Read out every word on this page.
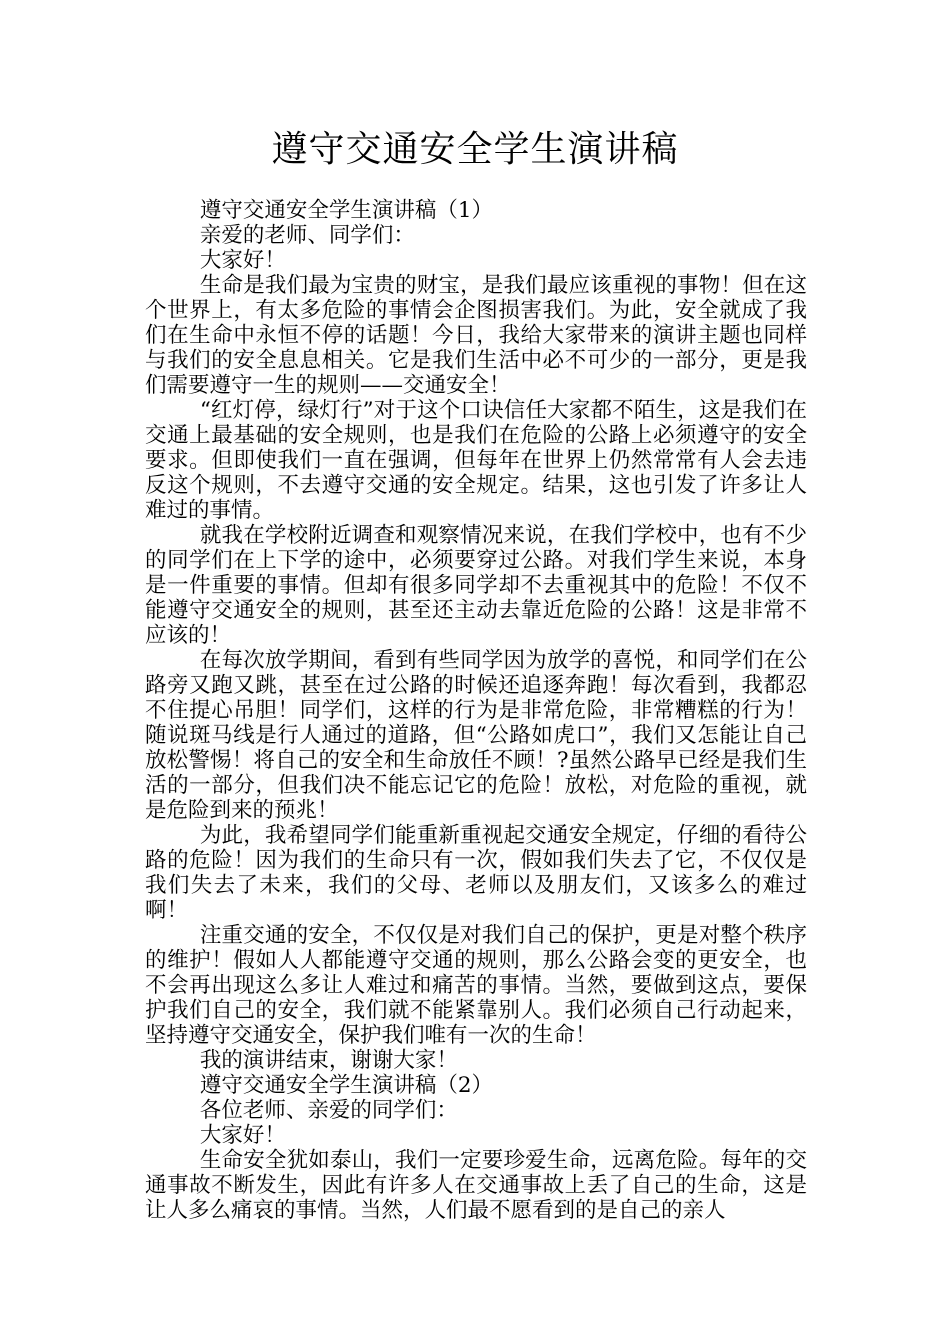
遵守交通安全学生演讲稿

遵守交通安全学生演讲稿（1）

亲爱的老师、同学们：

大家好！

生命是我们最为宝贵的财宝，是我们最应该重视的事物！但在这个世界上，有太多危险的事情会企图损害我们。为此，安全就成了我们在生命中永恒不停的话题！今日，我给大家带来的演讲主题也同样与我们的安全息息相关。它是我们生活中必不可少的一部分，更是我们需要遵守一生的规则——交通安全！

“红灯停，绿灯行”对于这个口诀信任大家都不陌生，这是我们在交通上最基础的安全规则，也是我们在危险的公路上必须遵守的安全要求。但即使我们一直在强调，但每年在世界上仍然常常有人会去违反这个规则，不去遵守交通的安全规定。结果，这也引发了许多让人难过的事情。

就我在学校附近调查和观察情况来说，在我们学校中，也有不少的同学们在上下学的途中，必须要穿过公路。对我们学生来说，本身是一件重要的事情。但却有很多同学却不去重视其中的危险！不仅不能遵守交通安全的规则，甚至还主动去靠近危险的公路！这是非常不应该的！

在每次放学期间，看到有些同学因为放学的喜悦，和同学们在公路旁又跑又跳，甚至在过公路的时候还追逐奔跑！每次看到，我都忍不住提心吊胆！同学们，这样的行为是非常危险，非常糟糕的行为！随说斑马线是行人通过的道路，但“公路如虎口”，我们又怎能让自己放松警惕！将自己的安全和生命放任不顾！?虽然公路早已经是我们生活的一部分，但我们决不能忘记它的危险！放松，对危险的重视，就是危险到来的预兆！

为此，我希望同学们能重新重视起交通安全规定，仔细的看待公路的危险！因为我们的生命只有一次，假如我们失去了它，不仅仅是我们失去了未来，我们的父母、老师以及朋友们，又该多么的难过啊！

注重交通的安全，不仅仅是对我们自己的保护，更是对整个秩序的维护！假如人人都能遵守交通的规则，那么公路会变的更安全，也不会再出现这么多让人难过和痛苦的事情。当然，要做到这点，要保护我们自己的安全，我们就不能紧靠别人。我们必须自己行动起来，坚持遵守交通安全，保护我们唯有一次的生命！

我的演讲结束，谢谢大家！

遵守交通安全学生演讲稿（2）

各位老师、亲爱的同学们：

大家好！

生命安全犹如泰山，我们一定要珍爱生命，远离危险。每年的交通事故不断发生，因此有许多人在交通事故上丢了自己的生命，这是让人多么痛哀的事情。当然，人们最不愿看到的是自己的亲人
